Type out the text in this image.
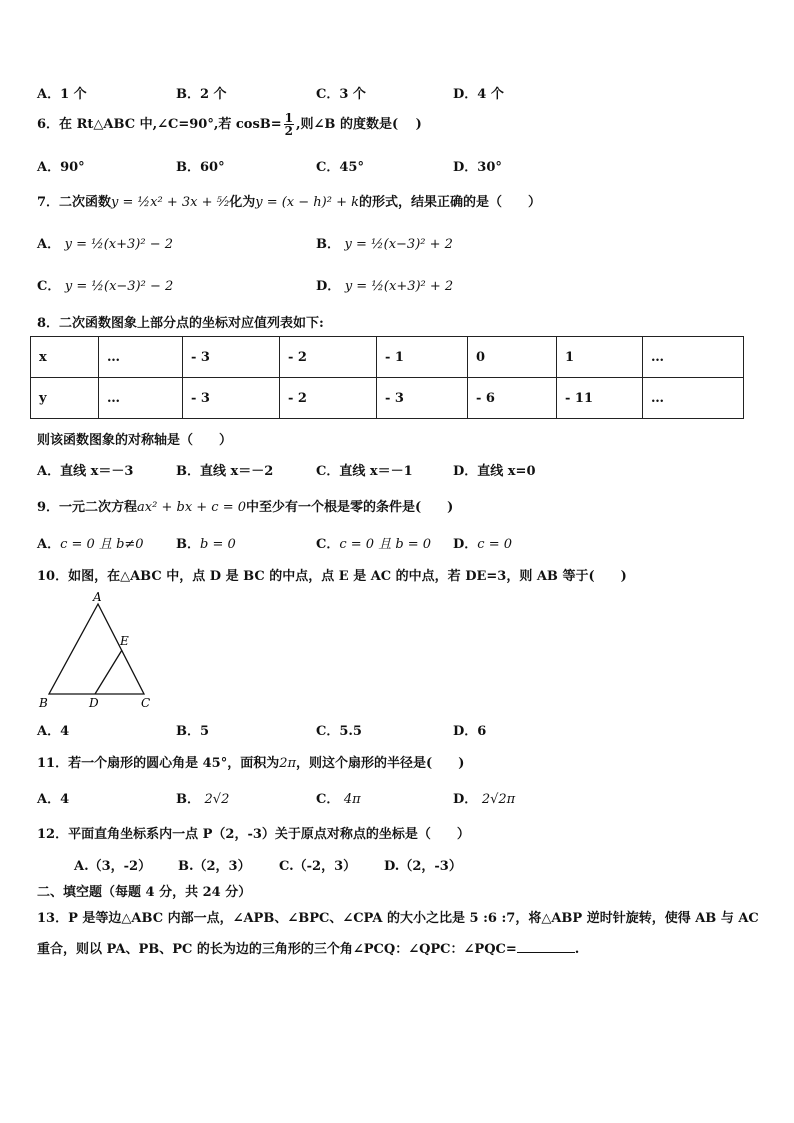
A．1 个	B．2 个	C．3 个	D．4 个
6．在 Rt△ABC 中,∠C=90°,若 $\cos B= \frac{1}{2}$ ,则∠B 的度数是(　 )
A．90°	B．60°	C．45°	D．30°
7．二次函数y = ½x² + 3x + ⁵⁄₂化为y = (x − h)² + k的形式，结果正确的是（　　）
A． y = ½(x+3)² − 2	B． y = ½(x−3)² + 2
C． y = ½(x−3)² − 2	D． y = ½(x+3)² + 2
8．二次函数图象上部分点的坐标对应值列表如下:
x	…	- 3	- 2	- 1	0	1	…
y	…	- 3	- 2	- 3	- 6	- 11	…
则该函数图象的对称轴是（　　）
A．直线 x＝－3	B．直线 x＝－2	C．直线 x＝－1	D．直线 x=0
9．一元二次方程ax² + bx + c = 0中至少有一个根是零的条件是(　　)
A．c = 0 且 b≠0 B．b = 0	C．c = 0 且 b = 0 D．c = 0
10．如图，在△ABC 中，点 D 是 BC 的中点，点 E 是 AC 的中点，若 DE=3，则 AB 等于(　　)
A
E
B	D	C
A．4	B．5	C．5.5	D．6
11．若一个扇形的圆心角是 45°，面积为2π，则这个扇形的半径是(　　)
A．4	B． 2√2	C． 4π	D． 2√2π
12．平面直角坐标系内一点 P（2，-3）关于原点对称点的坐标是（　　）
A.（3，-2） B.（2，3） C.（-2，3） D.（2，-3）
二、填空题（每题 4 分，共 24 分）
13．P 是等边△ABC 内部一点，∠APB、∠BPC、∠CPA 的大小之比是 5 :6 :7，将△ABP 逆时针旋转，使得 AB 与 AC
重合，则以 PA、PB、PC 的长为边的三角形的三个角∠PCQ：∠QPC：∠PQC=	.
